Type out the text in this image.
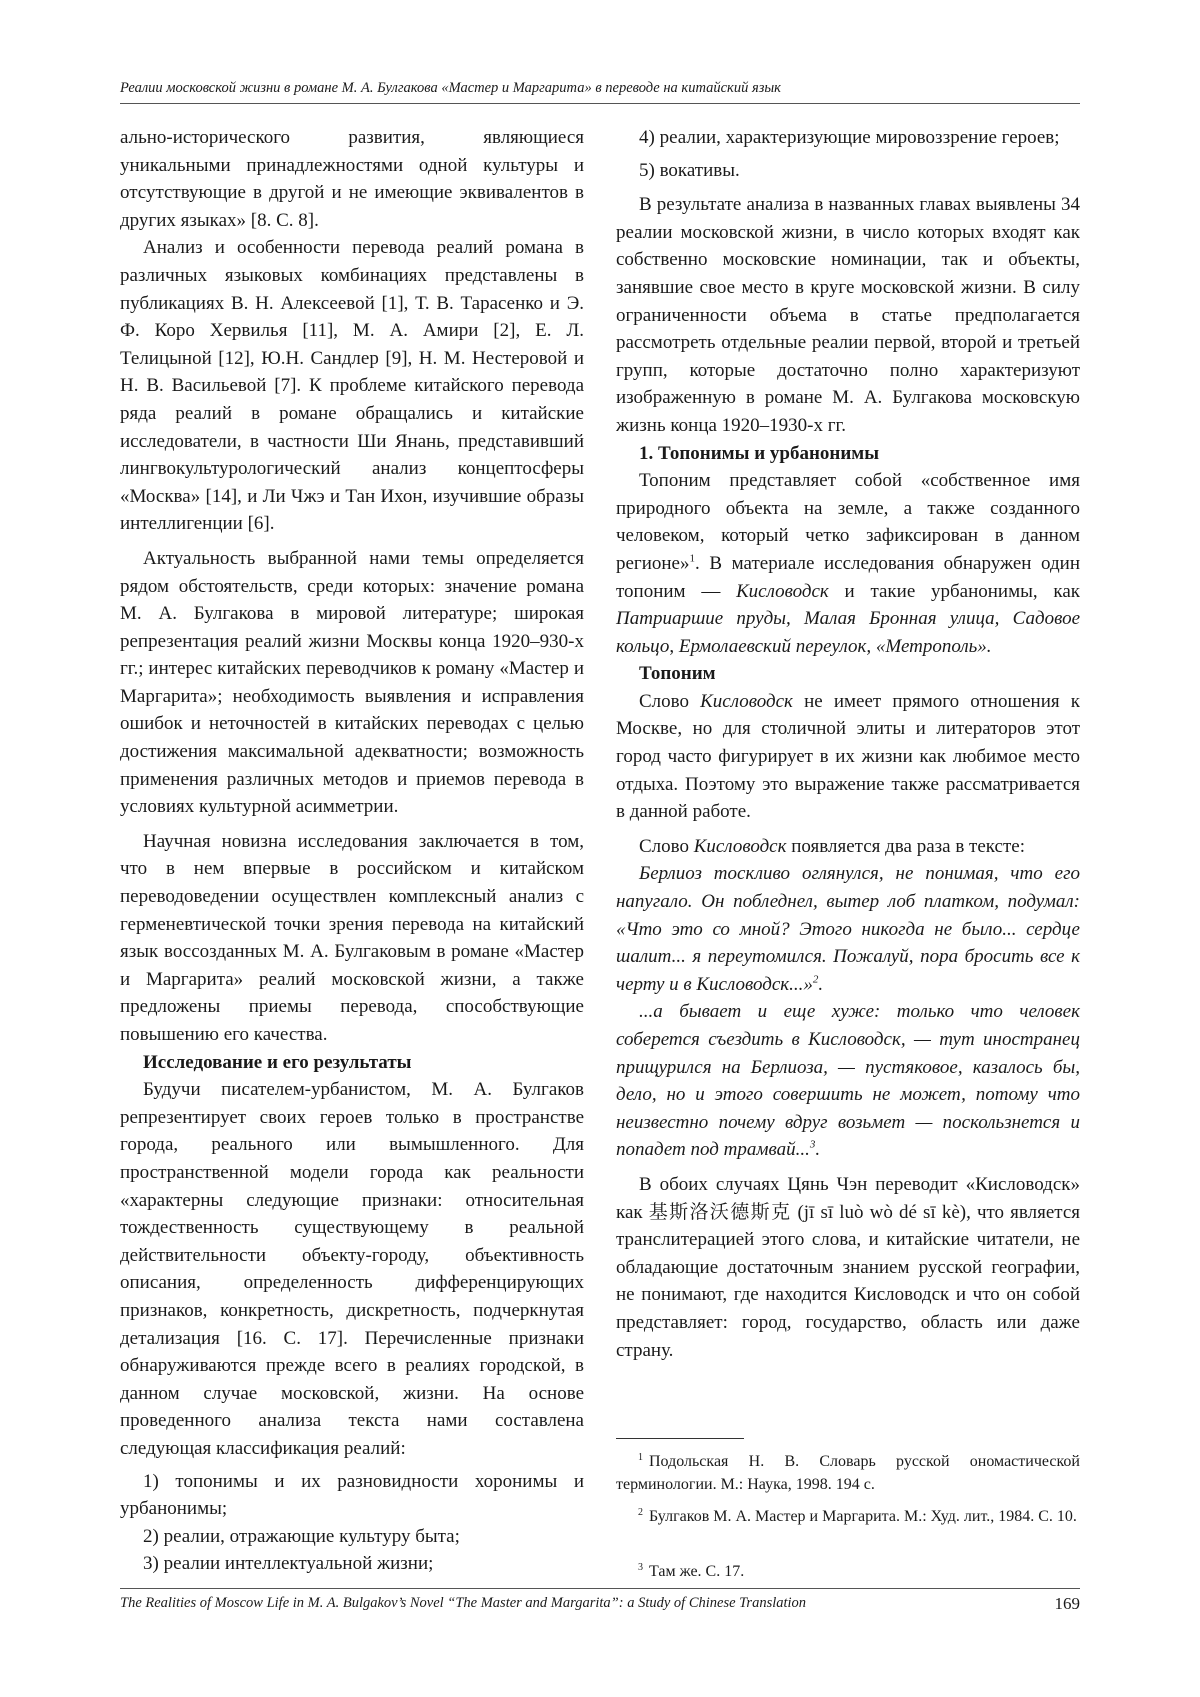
Реалии московской жизни в романе М. А. Булгакова «Мастер и Маргарита» в переводе на китайский язык

ально-исторического развития, являющиеся уникальными принадлежностями одной культуры и отсутствующие в другой и не имеющие эквивалентов в других языках» [8. С. 8].

Анализ и особенности перевода реалий романа в различных языковых комбинациях представлены в публикациях В. Н. Алексеевой [1], Т. В. Тарасенко и Э. Ф. Коро Хервилья [11], М. А. Амири [2], Е. Л. Телицыной [12], Ю.Н. Сандлер [9], Н. М. Нестеровой и Н. В. Васильевой [7]. К проблеме китайского перевода ряда реалий в романе обращались и китайские исследователи, в частности Ши Янань, представивший лингвокультурологический анализ концептосферы «Москва» [14], и Ли Чжэ и Тан Ихон, изучившие образы интеллигенции [6].

Актуальность выбранной нами темы определяется рядом обстоятельств, среди которых: значение романа М. А. Булгакова в мировой литературе; широкая репрезентация реалий жизни Москвы конца 1920–930-х гг.; интерес китайских переводчиков к роману «Мастер и Маргарита»; необходимость выявления и исправления ошибок и неточностей в китайских переводах с целью достижения максимальной адекватности; возможность применения различных методов и приемов перевода в условиях культурной асимметрии.

Научная новизна исследования заключается в том, что в нем впервые в российском и китайском переводоведении осуществлен комплексный анализ с герменевтической точки зрения перевода на китайский язык воссозданных М. А. Булгаковым в романе «Мастер и Маргарита» реалий московской жизни, а также предложены приемы перевода, способствующие повышению его качества.

Исследование и его результаты

Будучи писателем-урбанистом, М. А. Булгаков репрезентирует своих героев только в пространстве города, реального или вымышленного. Для пространственной модели города как реальности «характерны следующие признаки: относительная тождественность существующему в реальной действительности объекту-городу, объективность описания, определенность дифференцирующих признаков, конкретность, дискретность, подчеркнутая детализация [16. С. 17]. Перечисленные признаки обнаруживаются прежде всего в реалиях городской, в данном случае московской, жизни. На основе проведенного анализа текста нами составлена следующая классификация реалий:

1) топонимы и их разновидности хоронимы и урбанонимы;

2) реалии, отражающие культуру быта;

3) реалии интеллектуальной жизни;

4) реалии, характеризующие мировоззрение героев;

5) вокативы.

В результате анализа в названных главах выявлены 34 реалии московской жизни, в число которых входят как собственно московские номинации, так и объекты, занявшие свое место в круге московской жизни. В силу ограниченности объема в статье предполагается рассмотреть отдельные реалии первой, второй и третьей групп, которые достаточно полно характеризуют изображенную в романе М. А. Булгакова московскую жизнь конца 1920–1930-х гг.

1. Топонимы и урбанонимы

Топоним представляет собой «собственное имя природного объекта на земле, а также созданного человеком, который четко зафиксирован в данном регионе»$^1$. В материале исследования обнаружен один топоним — Кисловодск и такие урбанонимы, как Патриаршие пруды, Малая Бронная улица, Садовое кольцо, Ермолаевский переулок, «Метрополь».

Топоним

Слово Кисловодск не имеет прямого отношения к Москве, но для столичной элиты и литераторов этот город часто фигурирует в их жизни как любимое место отдыха. Поэтому это выражение также рассматривается в данной работе.

Слово Кисловодск появляется два раза в тексте:

Берлиоз тоскливо оглянулся, не понимая, что его напугало. Он побледнел, вытер лоб платком, подумал: «Что это со мной? Этого никогда не было... сердце шалит... я переутомился. Пожалуй, пора бросить все к черту и в Кисловодск...»$^2$.

...а бывает и еще хуже: только что человек соберется съездить в Кисловодск, — тут иностранец прищурился на Берлиоза, — пустяковое, казалось бы, дело, но и этого совершить не может, потому что неизвестно почему вдруг возьмет — поскользнется и попадет под трамвай...$^3$.

В обоих случаях Цянь Чэн переводит «Кисловодск» как 基斯洛沃德斯克 (jī sī luò wò dé sī kè), что является транслитерацией этого слова, и китайские читатели, не обладающие достаточным знанием русской географии, не понимают, где находится Кисловодск и что он собой представляет: город, государство, область или даже страну.

$^1$ Подольская Н. В. Словарь русской ономастической терминологии. М.: Наука, 1998. 194 с.
$^2$ Булгаков М. А. Мастер и Маргарита. М.: Худ. лит., 1984. С. 10.
$^3$ Там же. С. 17.
The Realities of Moscow Life in M. A. Bulgakov’s Novel “The Master and Margarita”: a Study of Chinese Translation	169
